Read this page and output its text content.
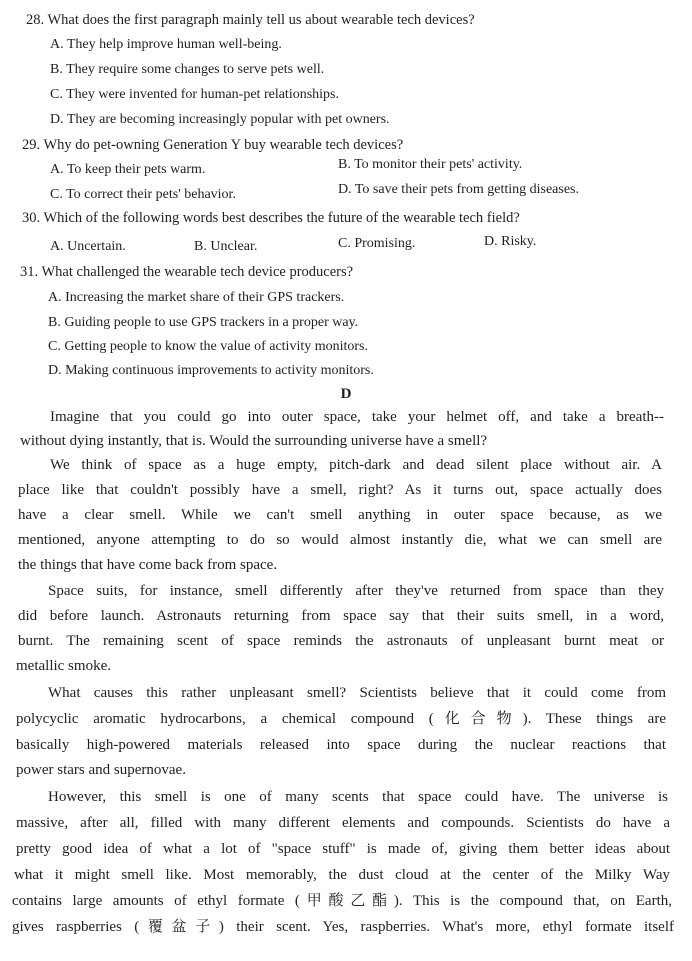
28. What does the first paragraph mainly tell us about wearable tech devices?
A. They help improve human well-being.
B. They require some changes to serve pets well.
C. They were invented for human-pet relationships.
D. They are becoming increasingly popular with pet owners.
29. Why do pet-owning Generation Y buy wearable tech devices?
A. To keep their pets warm.	B. To monitor their pets' activity.
C. To correct their pets' behavior.	D. To save their pets from getting diseases.
30. Which of the following words best describes the future of the wearable tech field?
A. Uncertain.	B. Unclear.	C. Promising.	D. Risky.
31. What challenged the wearable tech device producers?
A. Increasing the market share of their GPS trackers.
B. Guiding people to use GPS trackers in a proper way.
C. Getting people to know the value of activity monitors.
D. Making continuous improvements to activity monitors.
D
Imagine that you could go into outer space, take your helmet off, and take a breath--
without dying instantly, that is. Would the surrounding universe have a smell?
We think of space as a huge empty, pitch-dark and dead silent place without air. A
place like that couldn't possibly have a smell, right? As it turns out, space actually does
have a clear smell. While we can't smell anything in outer space because, as we
mentioned, anyone attempting to do so would almost instantly die, what we can smell are
the things that have come back from space.
Space suits, for instance, smell differently after they've returned from space than they
did before launch. Astronauts returning from space say that their suits smell, in a word,
burnt. The remaining scent of space reminds the astronauts of unpleasant burnt meat or
metallic smoke.
What causes this rather unpleasant smell? Scientists believe that it could come from
polycyclic aromatic hydrocarbons, a chemical compound (化合物). These things are
basically high-powered materials released into space during the nuclear reactions that
power stars and supernovae.
However, this smell is one of many scents that space could have. The universe is
massive, after all, filled with many different elements and compounds. Scientists do have a
pretty good idea of what a lot of "space stuff" is made of, giving them better ideas about
what it might smell like. Most memorably, the dust cloud at the center of the Milky Way
contains large amounts of ethyl formate (甲酸乙酯). This is the compound that, on Earth,
gives raspberries (覆盆子) their scent. Yes, raspberries. What's more, ethyl formate itself
